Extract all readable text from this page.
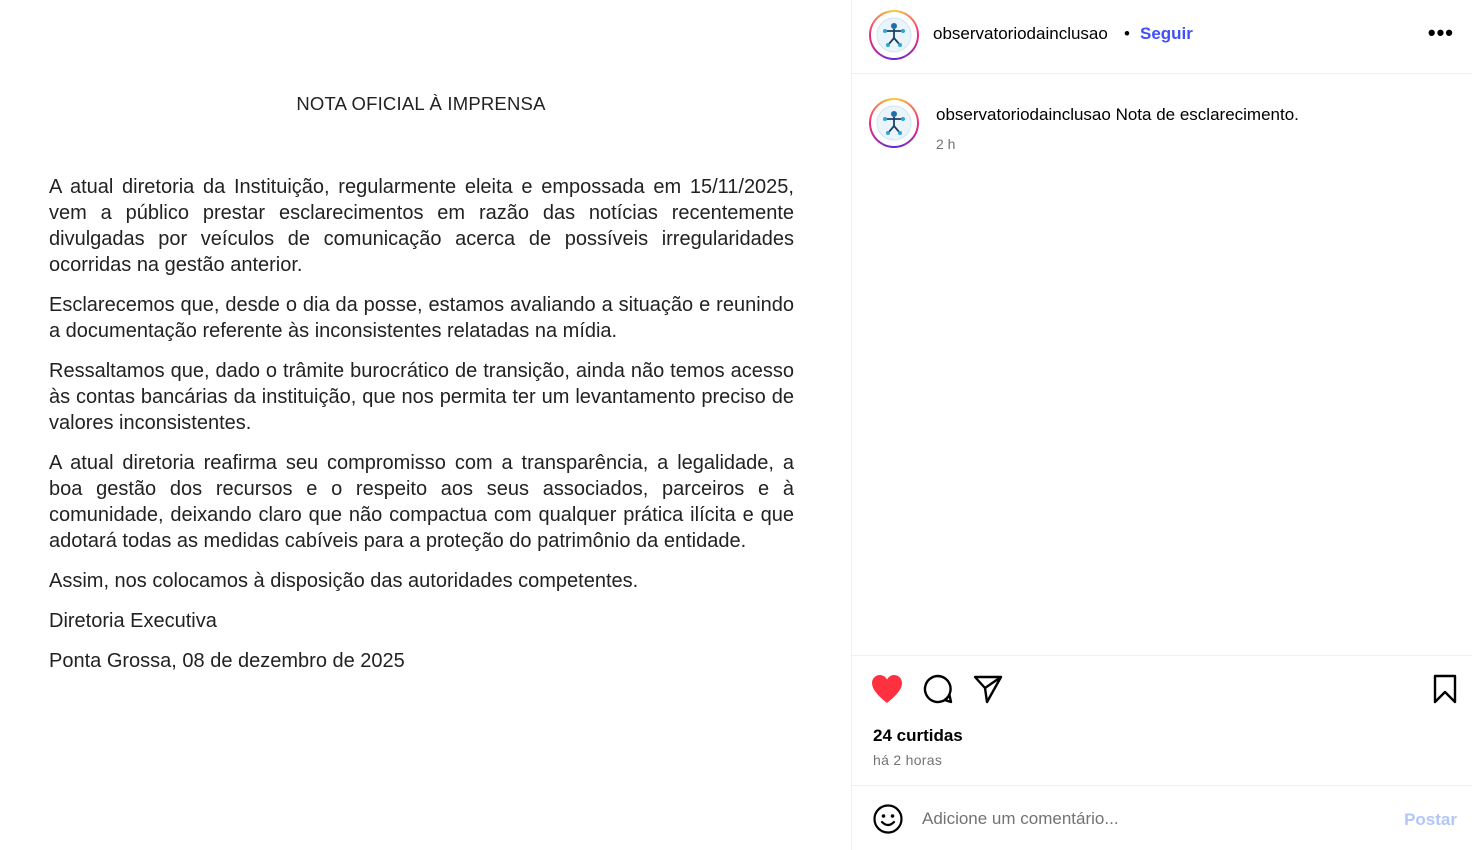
NOTA OFICIAL À IMPRENSA

A atual diretoria da Instituição, regularmente eleita e empossada em 15/11/2025, vem a público prestar esclarecimentos em razão das notícias recentemente divulgadas por veículos de comunicação acerca de possíveis irregularidades ocorridas na gestão anterior.

Esclarecemos que, desde o dia da posse, estamos avaliando a situação e reunindo a documentação referente às inconsistentes relatadas na mídia.

Ressaltamos que, dado o trâmite burocrático de transição, ainda não temos acesso às contas bancárias da instituição, que nos permita ter um levantamento preciso de valores inconsistentes.

A atual diretoria reafirma seu compromisso com a transparência, a legalidade, a boa gestão dos recursos e o respeito aos seus associados, parceiros e à comunidade, deixando claro que não compactua com qualquer prática ilícita e que adotará todas as medidas cabíveis para a proteção do patrimônio da entidade.

Assim, nos colocamos à disposição das autoridades competentes.

Diretoria Executiva

Ponta Grossa, 08 de dezembro de 2025

observatoriodainclusao • Seguir	•••
observatoriodainclusao Nota de esclarecimento.
2 h
24 curtidas
há 2 horas
Adicione um comentário...
Postar
